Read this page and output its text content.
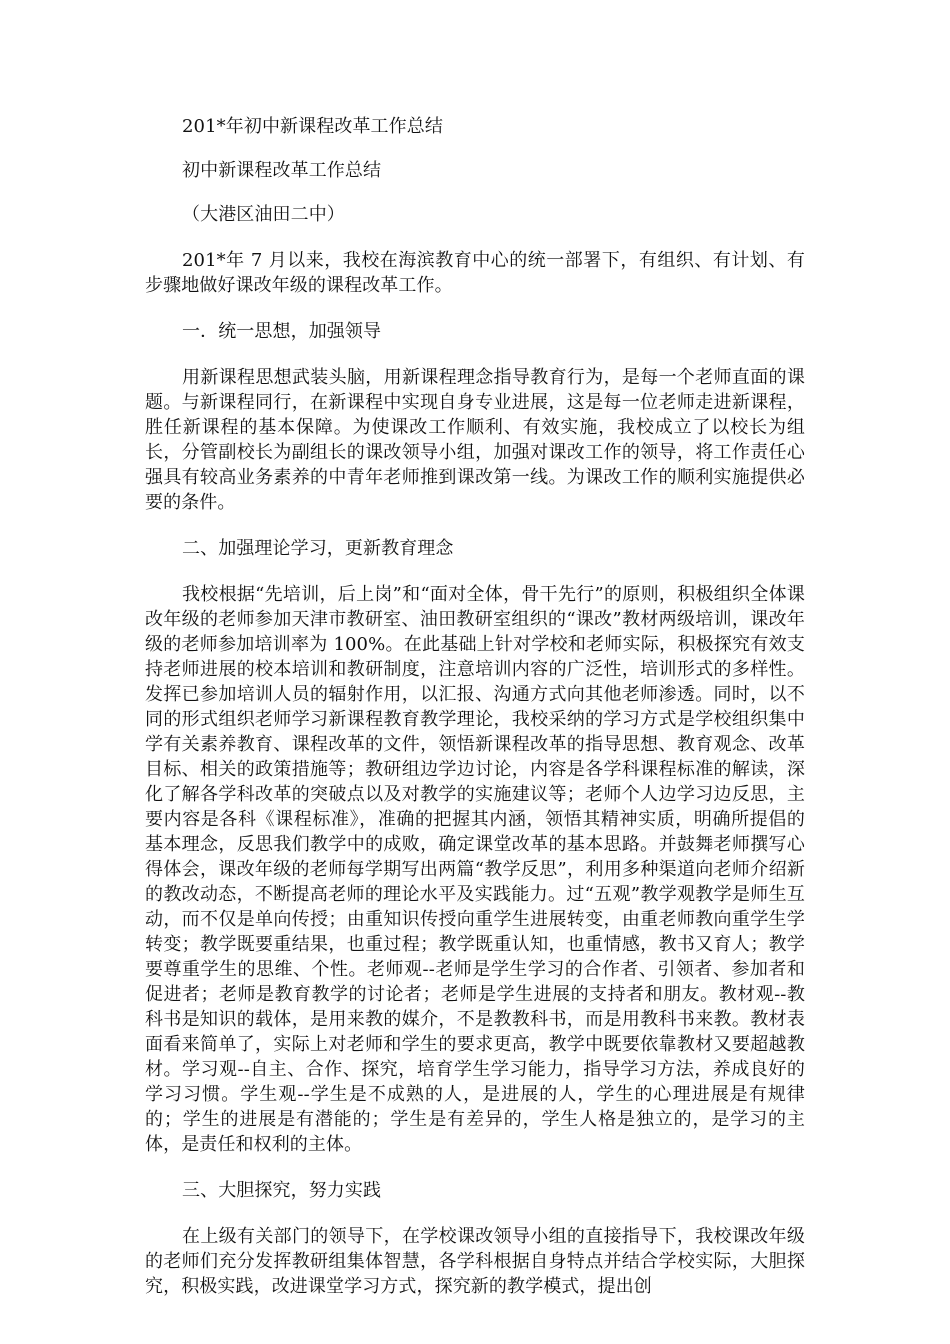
201*年初中新课程改革工作总结

初中新课程改革工作总结

（大港区油田二中）

201*年 7 月以来，我校在海滨教育中心的统一部署下，有组织、有计划、有步骤地做好课改年级的课程改革工作。

一．统一思想，加强领导

用新课程思想武装头脑，用新课程理念指导教育行为，是每一个老师直面的课题。与新课程同行，在新课程中实现自身专业进展，这是每一位老师走进新课程，胜任新课程的基本保障。为使课改工作顺利、有效实施，我校成立了以校长为组长，分管副校长为副组长的课改领导小组，加强对课改工作的领导，将工作责任心强具有较高业务素养的中青年老师推到课改第一线。为课改工作的顺利实施提供必要的条件。

二、加强理论学习，更新教育理念

我校根据“先培训，后上岗”和“面对全体，骨干先行”的原则，积极组织全体课改年级的老师参加天津市教研室、油田教研室组织的“课改”教材两级培训，课改年级的老师参加培训率为 100%。在此基础上针对学校和老师实际，积极探究有效支持老师进展的校本培训和教研制度，注意培训内容的广泛性，培训形式的多样性。发挥已参加培训人员的辐射作用，以汇报、沟通方式向其他老师渗透。同时，以不同的形式组织老师学习新课程教育教学理论，我校采纳的学习方式是学校组织集中学有关素养教育、课程改革的文件，领悟新课程改革的指导思想、教育观念、改革目标、相关的政策措施等；教研组边学边讨论，内容是各学科课程标准的解读，深化了解各学科改革的突破点以及对教学的实施建议等；老师个人边学习边反思，主要内容是各科《课程标准》，准确的把握其内涵，领悟其精神实质，明确所提倡的基本理念，反思我们教学中的成败，确定课堂改革的基本思路。并鼓舞老师撰写心得体会，课改年级的老师每学期写出两篇“教学反思”，利用多种渠道向老师介绍新的教改动态，不断提高老师的理论水平及实践能力。过“五观”教学观教学是师生互动，而不仅是单向传授；由重知识传授向重学生进展转变，由重老师教向重学生学转变；教学既要重结果，也重过程；教学既重认知，也重情感，教书又育人；教学要尊重学生的思维、个性。老师观--老师是学生学习的合作者、引领者、参加者和促进者；老师是教育教学的讨论者；老师是学生进展的支持者和朋友。教材观--教科书是知识的载体，是用来教的媒介，不是教教科书，而是用教科书来教。教材表面看来简单了，实际上对老师和学生的要求更高，教学中既要依靠教材又要超越教材。学习观--自主、合作、探究，培育学生学习能力，指导学习方法，养成良好的学习习惯。学生观--学生是不成熟的人，是进展的人，学生的心理进展是有规律的；学生的进展是有潜能的；学生是有差异的，学生人格是独立的，是学习的主体，是责任和权利的主体。

三、大胆探究，努力实践

在上级有关部门的领导下，在学校课改领导小组的直接指导下，我校课改年级的老师们充分发挥教研组集体智慧，各学科根据自身特点并结合学校实际，大胆探究，积极实践，改进课堂学习方式，探究新的教学模式，提出创
